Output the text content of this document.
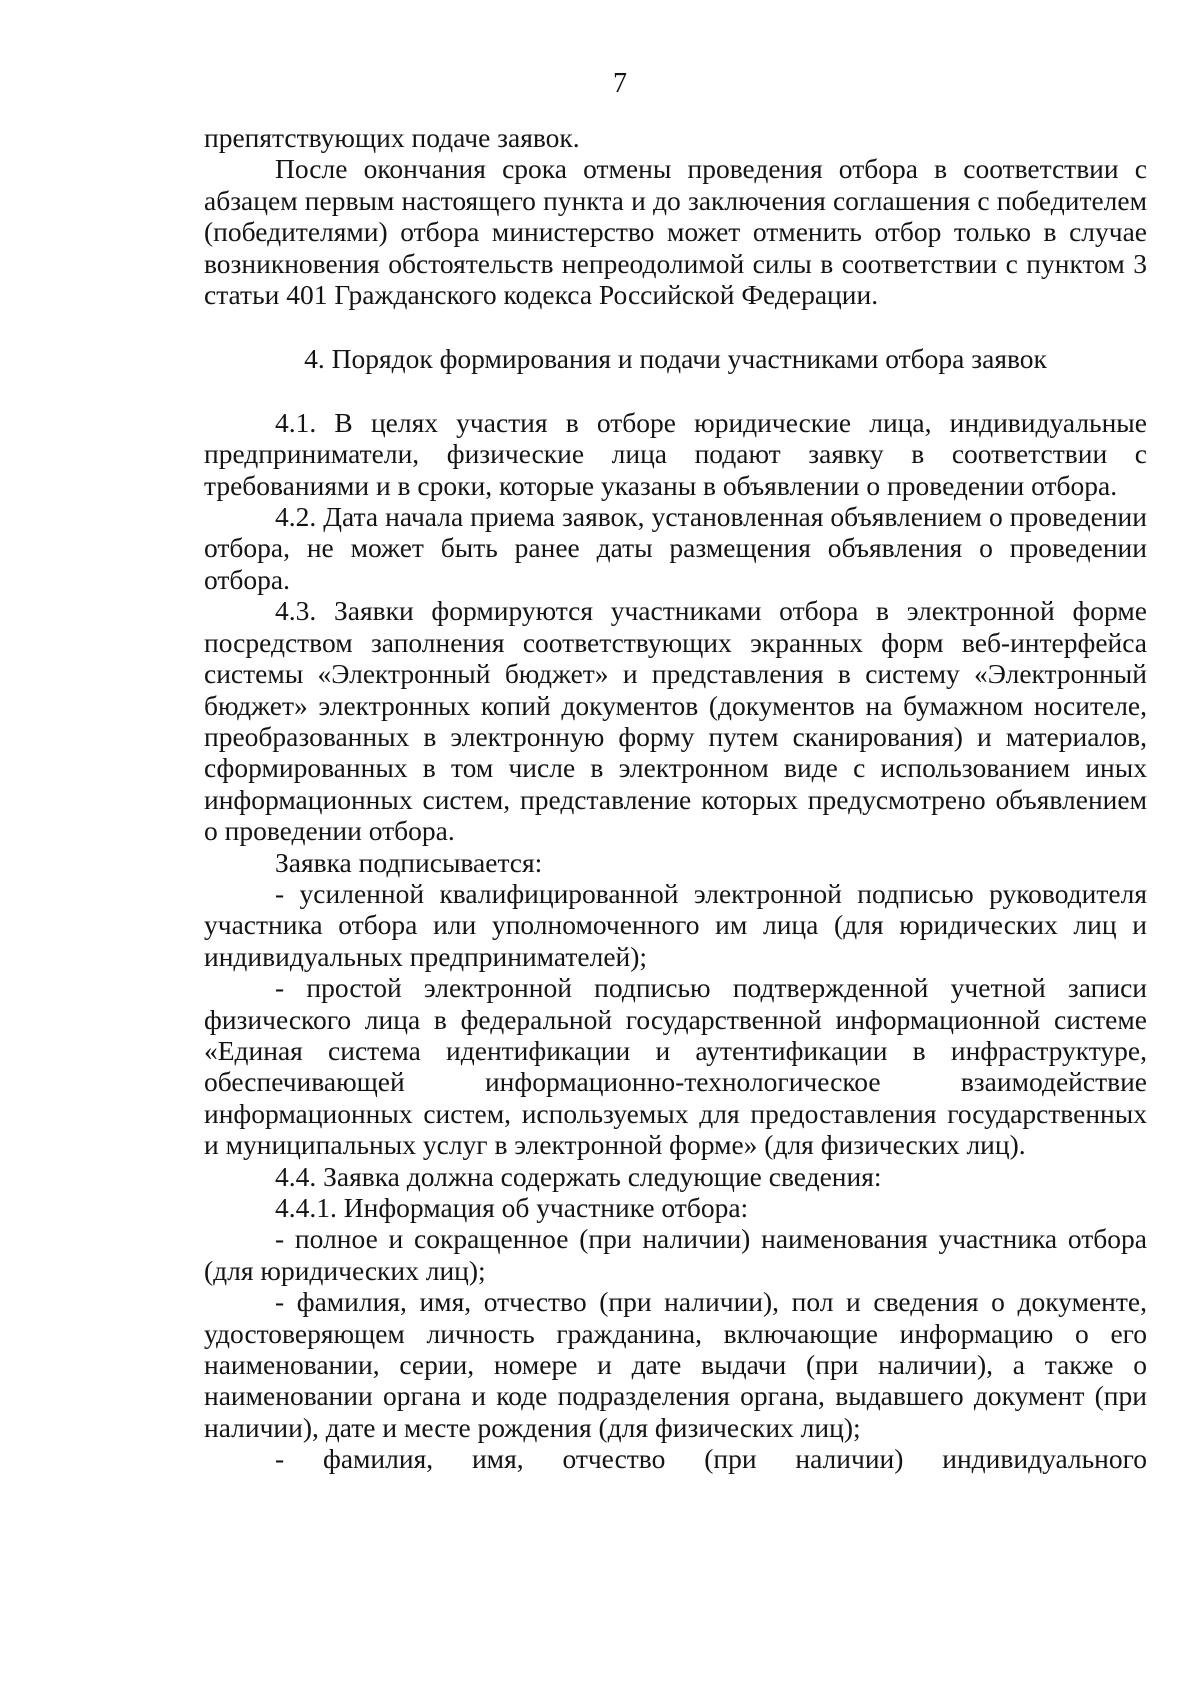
7

препятствующих подаче заявок.

После окончания срока отмены проведения отбора в соответствии с абзацем первым настоящего пункта и до заключения соглашения с победителем (победителями) отбора министерство может отменить отбор только в случае возникновения обстоятельств непреодолимой силы в соответствии с пунктом 3 статьи 401 Гражданского кодекса Российской Федерации.

4. Порядок формирования и подачи участниками отбора заявок

4.1. В целях участия в отборе юридические лица, индивидуальные предприниматели, физические лица подают заявку в соответствии с требованиями и в сроки, которые указаны в объявлении о проведении отбора.

4.2. Дата начала приема заявок, установленная объявлением о проведении отбора, не может быть ранее даты размещения объявления о проведении отбора.

4.3. Заявки формируются участниками отбора в электронной форме посредством заполнения соответствующих экранных форм веб-интерфейса системы «Электронный бюджет» и представления в систему «Электронный бюджет» электронных копий документов (документов на бумажном носителе, преобразованных в электронную форму путем сканирования) и материалов, сформированных в том числе в электронном виде с использованием иных информационных систем, представление которых предусмотрено объявлением о проведении отбора.

Заявка подписывается:

- усиленной квалифицированной электронной подписью руководителя участника отбора или уполномоченного им лица (для юридических лиц и индивидуальных предпринимателей);

- простой электронной подписью подтвержденной учетной записи физического лица в федеральной государственной информационной системе «Единая система идентификации и аутентификации в инфраструктуре, обеспечивающей информационно-технологическое взаимодействие информационных систем, используемых для предоставления государственных и муниципальных услуг в электронной форме» (для физических лиц).

4.4. Заявка должна содержать следующие сведения:

4.4.1. Информация об участнике отбора:

- полное и сокращенное (при наличии) наименования участника отбора (для юридических лиц);

- фамилия, имя, отчество (при наличии), пол и сведения о документе, удостоверяющем личность гражданина, включающие информацию о его наименовании, серии, номере и дате выдачи (при наличии), а также о наименовании органа и коде подразделения органа, выдавшего документ (при наличии), дате и месте рождения (для физических лиц);

- фамилия, имя, отчество (при наличии) индивидуального
